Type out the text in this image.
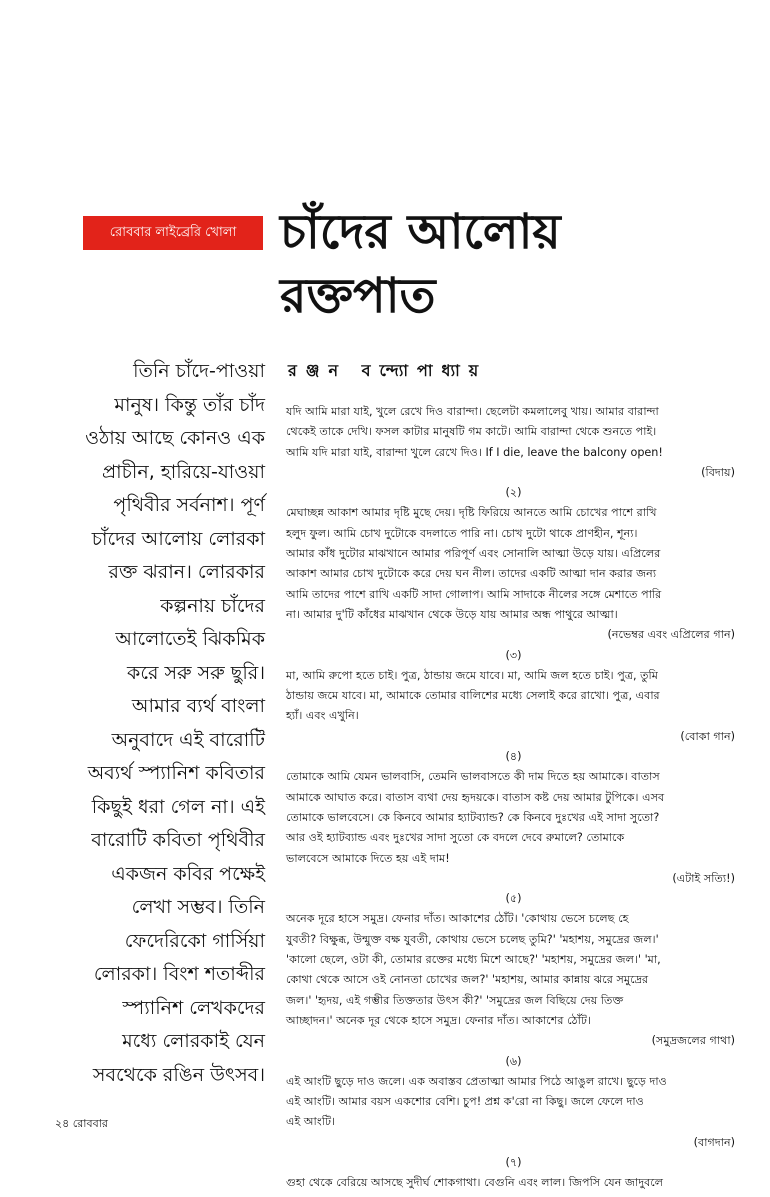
রোববার লাইব্রেরি খোলা চাঁদের আলোয়
রক্তপাত
রঞ্জন বন্দ্যোপাধ্যায়
তিনি চাঁদে-পাওয়া
মানুষ। কিন্তু তাঁর চাঁদ
ওঠায় আছে কোনও এক
প্রাচীন, হারিয়ে-যাওয়া
পৃথিবীর সর্বনাশ। পূর্ণ
চাঁদের আলোয় লোরকা
রক্ত ঝরান। লোরকার
কল্পনায় চাঁদের
আলোতেই ঝিকমিক
করে সরু সরু ছুরি।
আমার ব্যর্থ বাংলা
অনুবাদে এই বারোটি
অব্যর্থ স্প্যানিশ কবিতার
কিছুই ধরা গেল না। এই
বারোটি কবিতা পৃথিবীর
একজন কবির পক্ষেই
লেখা সম্ভব। তিনি
ফেদেরিকো গার্সিয়া
লোরকা। বিংশ শতাব্দীর
স্প্যানিশ লেখকদের
মধ্যে লোরকাই যেন
সবথেকে রঙিন উৎসব।
যদি আমি মারা যাই, খুলে রেখে দিও বারান্দা। ছেলেটা কমলালেবু খায়। আমার বারান্দা
থেকেই তাকে দেখি। ফসল কাটার মানুষটি গম কাটে। আমি বারান্দা থেকে শুনতে পাই।
আমি যদি মারা যাই, বারান্দা খুলে রেখে দিও। If I die, leave the balcony open!
(বিদায়)
(২)
মেঘাচ্ছন্ন আকাশ আমার দৃষ্টি মুছে দেয়। দৃষ্টি ফিরিয়ে আনতে আমি চোখের পাশে রাখি
হলুদ ফুল। আমি চোখ দুটোকে বদলাতে পারি না। চোখ দুটো থাকে প্রাণহীন, শূন্য।
আমার কাঁধ দুটোর মাঝখানে আমার পরিপূর্ণ এবং সোনালি আত্মা উড়ে যায়। এপ্রিলের
আকাশ আমার চোখ দুটোকে করে দেয় ঘন নীল। তাদের একটি আত্মা দান করার জন্য
আমি তাদের পাশে রাখি একটি সাদা গোলাপ। আমি সাদাকে নীলের সঙ্গে মেশাতে পারি
না। আমার দু'টি কাঁধের মাঝখান থেকে উড়ে যায় আমার অন্ধ পাথুরে আত্মা।
(নভেম্বর এবং এপ্রিলের গান)
(৩)
মা, আমি রুপো হতে চাই। পুত্র, ঠান্ডায় জমে যাবে। মা, আমি জল হতে চাই। পুত্র, তুমি
ঠান্ডায় জমে যাবে। মা, আমাকে তোমার বালিশের মধ্যে সেলাই করে রাখো। পুত্র, এবার
হ্যাঁ। এবং এখুনি।
(বোকা গান)
(৪)
তোমাকে আমি যেমন ভালবাসি, তেমনি ভালবাসতে কী দাম দিতে হয় আমাকে। বাতাস
আমাকে আঘাত করে। বাতাস ব্যথা দেয় হৃদয়কে। বাতাস কষ্ট দেয় আমার টুপিকে। এসব
তোমাকে ভালবেসে। কে কিনবে আমার হ্যাটব্যান্ড? কে কিনবে দুঃখের এই সাদা সুতো?
আর ওই হ্যাটব্যান্ড এবং দুঃখের সাদা সুতো কে বদলে দেবে রুমালে? তোমাকে
ভালবেসে আমাকে দিতে হয় এই দাম!
(এটাই সত্যি!)
(৫)
অনেক দূরে হাসে সমুদ্র। ফেনার দাঁত। আকাশের ঠোঁট। 'কোথায় ভেসে চলেছ হে
যুবতী? বিক্ষুব্ধ, উন্মুক্ত বক্ষ যুবতী, কোথায় ভেসে চলেছ তুমি?' 'মহাশয়, সমুদ্রের জল।'
'কালো ছেলে, ওটা কী, তোমার রক্তের মধ্যে মিশে আছে?' 'মহাশয়, সমুদ্রের জল।' 'মা,
কোথা থেকে আসে ওই নোনতা চোখের জল?' 'মহাশয়, আমার কান্নায় ঝরে সমুদ্রের
জল।' 'হৃদয়, এই গম্ভীর তিক্ততার উৎস কী?' 'সমুদ্রের জল বিছিয়ে দেয় তিক্ত
আচ্ছাদন।' অনেক দূর থেকে হাসে সমুদ্র। ফেনার দাঁত। আকাশের ঠোঁট।
(সমুদ্রজলের গাথা)
(৬)
এই আংটি ছুড়ে দাও জলে। এক অবাস্তব প্রেতাত্মা আমার পিঠে আঙুল রাখে। ছুড়ে দাও
এই আংটি। আমার বয়স একশোর বেশি। চুপ! প্রশ্ন ক'রো না কিছু। জলে ফেলে দাও
এই আংটি।
(বাগদান)
(৭)
গুহা থেকে বেরিয়ে আসছে সুদীর্ঘ শোকগাথা। বেগুনি এবং লাল। জিপসি যেন জাদুবলে
২৪ রোববার
